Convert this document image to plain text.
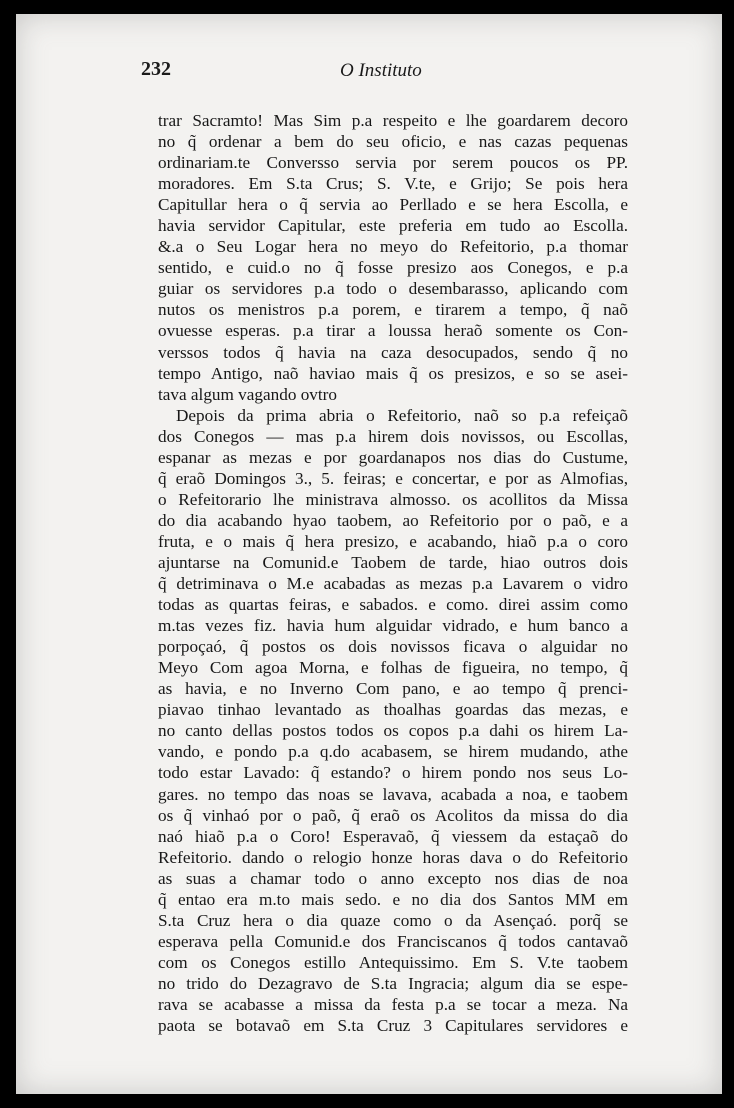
232	O Instituto
trar Sacramto! Mas Sim p.a respeito e lhe goardarem decoro
no q̃ ordenar a bem do seu oficio, e nas cazas pequenas
ordinariam.te Conversso servia por serem poucos os PP.
moradores. Em S.ta Crus; S. V.te, e Grijo; Se pois hera
Capitullar hera o q̃ servia ao Perllado e se hera Escolla, e
havia servidor Capitular, este preferia em tudo ao Escolla.
&.a o Seu Logar hera no meyo do Refeitorio, p.a thomar
sentido, e cuid.o no q̃ fosse presizo aos Conegos, e p.a
guiar os servidores p.a todo o desembarasso, aplicando com
nutos os menistros p.a porem, e tirarem a tempo, q̃ naõ
ovuesse esperas. p.a tirar a loussa heraõ somente os Con-
verssos todos q̃ havia na caza desocupados, sendo q̃ no
tempo Antigo, naõ haviao mais q̃ os presizos, e so se asei-
tava algum vagando ovtro
Depois da prima abria o Refeitorio, naõ so p.a refeiçaõ
dos Conegos — mas p.a hirem dois novissos, ou Escollas,
espanar as mezas e por goardanapos nos dias do Custume,
q̃ eraõ Domingos 3., 5. feiras; e concertar, e por as Almofias,
o Refeitorario lhe ministrava almosso. os acollitos da Missa
do dia acabando hyao taobem, ao Refeitorio por o paõ, e a
fruta, e o mais q̃ hera presizo, e acabando, hiaõ p.a o coro
ajuntarse na Comunid.e Taobem de tarde, hiao outros dois
q̃ detriminava o M.e acabadas as mezas p.a Lavarem o vidro
todas as quartas feiras, e sabados. e como. direi assim como
m.tas vezes fiz. havia hum alguidar vidrado, e hum banco a
porpoçaó, q̃ postos os dois novissos ficava o alguidar no
Meyo Com agoa Morna, e folhas de figueira, no tempo, q̃
as havia, e no Inverno Com pano, e ao tempo q̃ prenci-
piavao tinhao levantado as thoalhas goardas das mezas, e
no canto dellas postos todos os copos p.a dahi os hirem La-
vando, e pondo p.a q.do acabasem, se hirem mudando, athe
todo estar Lavado: q̃ estando? o hirem pondo nos seus Lo-
gares. no tempo das noas se lavava, acabada a noa, e taobem
os q̃ vinhaó por o paõ, q̃ eraõ os Acolitos da missa do dia
naó hiaõ p.a o Coro! Esperavaõ, q̃ viessem da estaçaõ do
Refeitorio. dando o relogio honze horas dava o do Refeitorio
as suas a chamar todo o anno excepto nos dias de noa
q̃ entao era m.to mais sedo. e no dia dos Santos MM em
S.ta Cruz hera o dia quaze como o da Asençaó. porq̃ se
esperava pella Comunid.e dos Franciscanos q̃ todos cantavaõ
com os Conegos estillo Antequissimo. Em S. V.te taobem
no trido do Dezagravo de S.ta Ingracia; algum dia se espe-
rava se acabasse a missa da festa p.a se tocar a meza. Na
paota se botavaõ em S.ta Cruz 3 Capitulares servidores e
